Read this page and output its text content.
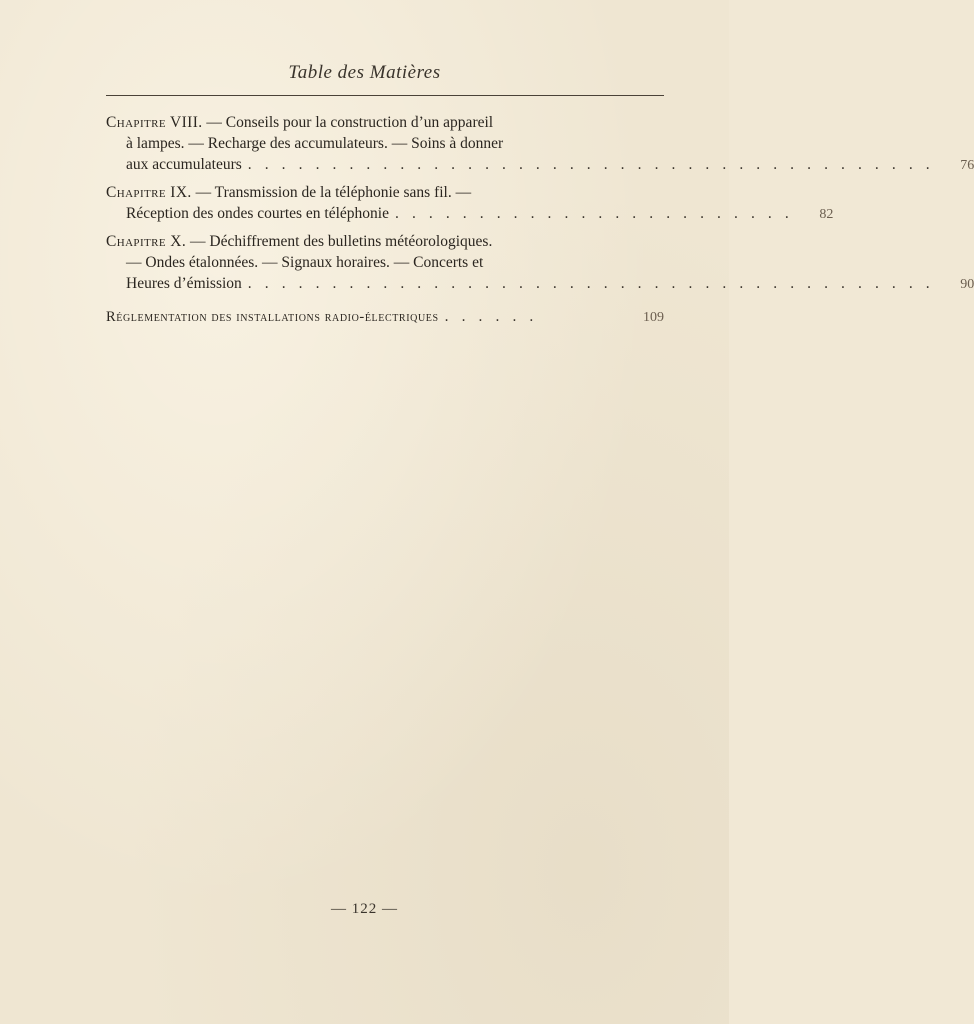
Table des Matières
Chapitre VIII. — Conseils pour la construction d’un appareil
à lampes. — Recharge des accumulateurs. — Soins à donner
aux accumulateurs . . . . . . . . . . . . . . . . . . . . . . . . . . . . . . . . . . . . . . . . .	76
Chapitre IX. — Transmission de la téléphonie sans fil. —
Réception des ondes courtes en téléphonie . . . . . . . . . . . . . . . . . . . . . . . .	82
Chapitre X. — Déchiffrement des bulletins météorologiques.
— Ondes étalonnées. — Signaux horaires. — Concerts et
Heures d’émission . . . . . . . . . . . . . . . . . . . . . . . . . . . . . . . . . . . . . . . . .	90
Réglementation des installations radio-électriques . . . . . .	109
— 122 —
